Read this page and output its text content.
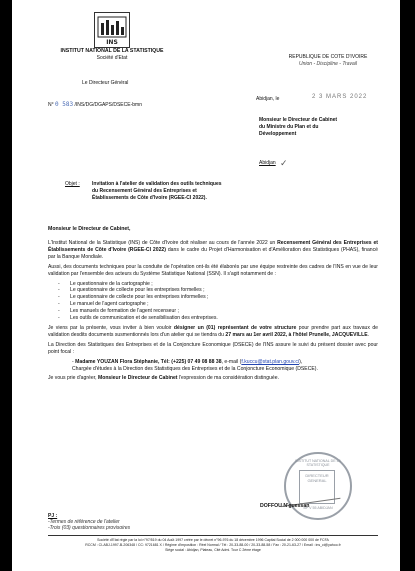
INS
INSTITUT NATIONAL DE LA STATISTIQUE
Société d'Etat
Le Directeur Général
REPUBLIQUE DE COTE D'IVOIRE
Union - Discipline - Travail
N° 0 583 /INS/DG/DGAPS/DSECE-bmn
Abidjan, le	2 3 MARS 2022
Monsieur le Directeur de Cabinet
du Ministre du Plan et du
Développement
Abidjan ✓
Objet : Invitation à l'atelier de validation des outils techniques
du Recensement Général des Entreprises et
Établissements de Côte d'Ivoire (RGEE-CI 2022).
Monsieur le Directeur de Cabinet,

L'Institut National de la Statistique (INS) de Côte d'Ivoire doit réaliser au cours de l'année 2022 un Recensement Général des Entreprises et Établissements de Côte d'Ivoire (RGEE-CI 2022) dans le cadre du Projet d'Harmonisation et d'Amélioration des Statistiques (PHAS), financé par la Banque Mondiale.

Aussi, des documents techniques pour la conduite de l'opération ont-ils été élaborés par une équipe restreinte des cadres de l'INS en vue de leur validation par l'ensemble des acteurs du Système Statistique National (SSN). Il s'agit notamment de :

- Le questionnaire de la cartographie ;
- Le questionnaire de collecte pour les entreprises formelles ;
- Le questionnaire de collecte pour les entreprises informelles ;
- Le manuel de l'agent cartographe ;
- Les manuels de formation de l'agent recenseur ;
- Les outils de communication et de sensibilisation des entreprises.

Je viens par la présente, vous inviter à bien vouloir désigner un (01) représentant de votre structure pour prendre part aux travaux de validation desdits documents susmentionnés lors d'un atelier qui se tiendra du 27 mars au 1er avril 2022, à l'hôtel Prunelle, JACQUEVILLE.

La Direction des Statistiques des Entreprises et de la Conjoncture Economique (DSECE) de l'INS assure le suivi du présent dossier avec pour point focal :

- Madame YOUZAN Flora Stéphanie, Tél: (+225) 07 49 08 88 38, e-mail (f.kuccu@stat.plan.gouv.ci),
Chargée d'études à la Direction des Statistiques des Entreprises et de la Conjoncture Economique (DSECE).

Je vous prie d'agréer, Monsieur le Directeur de Cabinet l'expression de ma considération distinguée.

INSTITUT NATIONAL DE LA STATISTIQUE
DIRECTEUR
GENERAL
BP V 55 ABIDJAN
DOFFOU N'guessan
PJ :
-Termes de référence de l'atelier
-Trois (03) questionnaires provisoires
Société d'Etat régie par la loi n°97/519 du 04 Août 1997 créée par le décret n°96-976 du 18 décembre 1996 Capital Social de 2 000 000 000 de FCFA
RCCM : CI-ABJ-1997-B-206348 / CC: 9721681 X / Régime d'imposition : Réel Normal / Tél : 20-33-88-00 / 20-33-88-58 / Fax : 20-21-63-27 / Email : ins_ci@yahoo.fr
Siège social : Abidjan, Plateau, Cité Admi. Tour C 2ème étage
